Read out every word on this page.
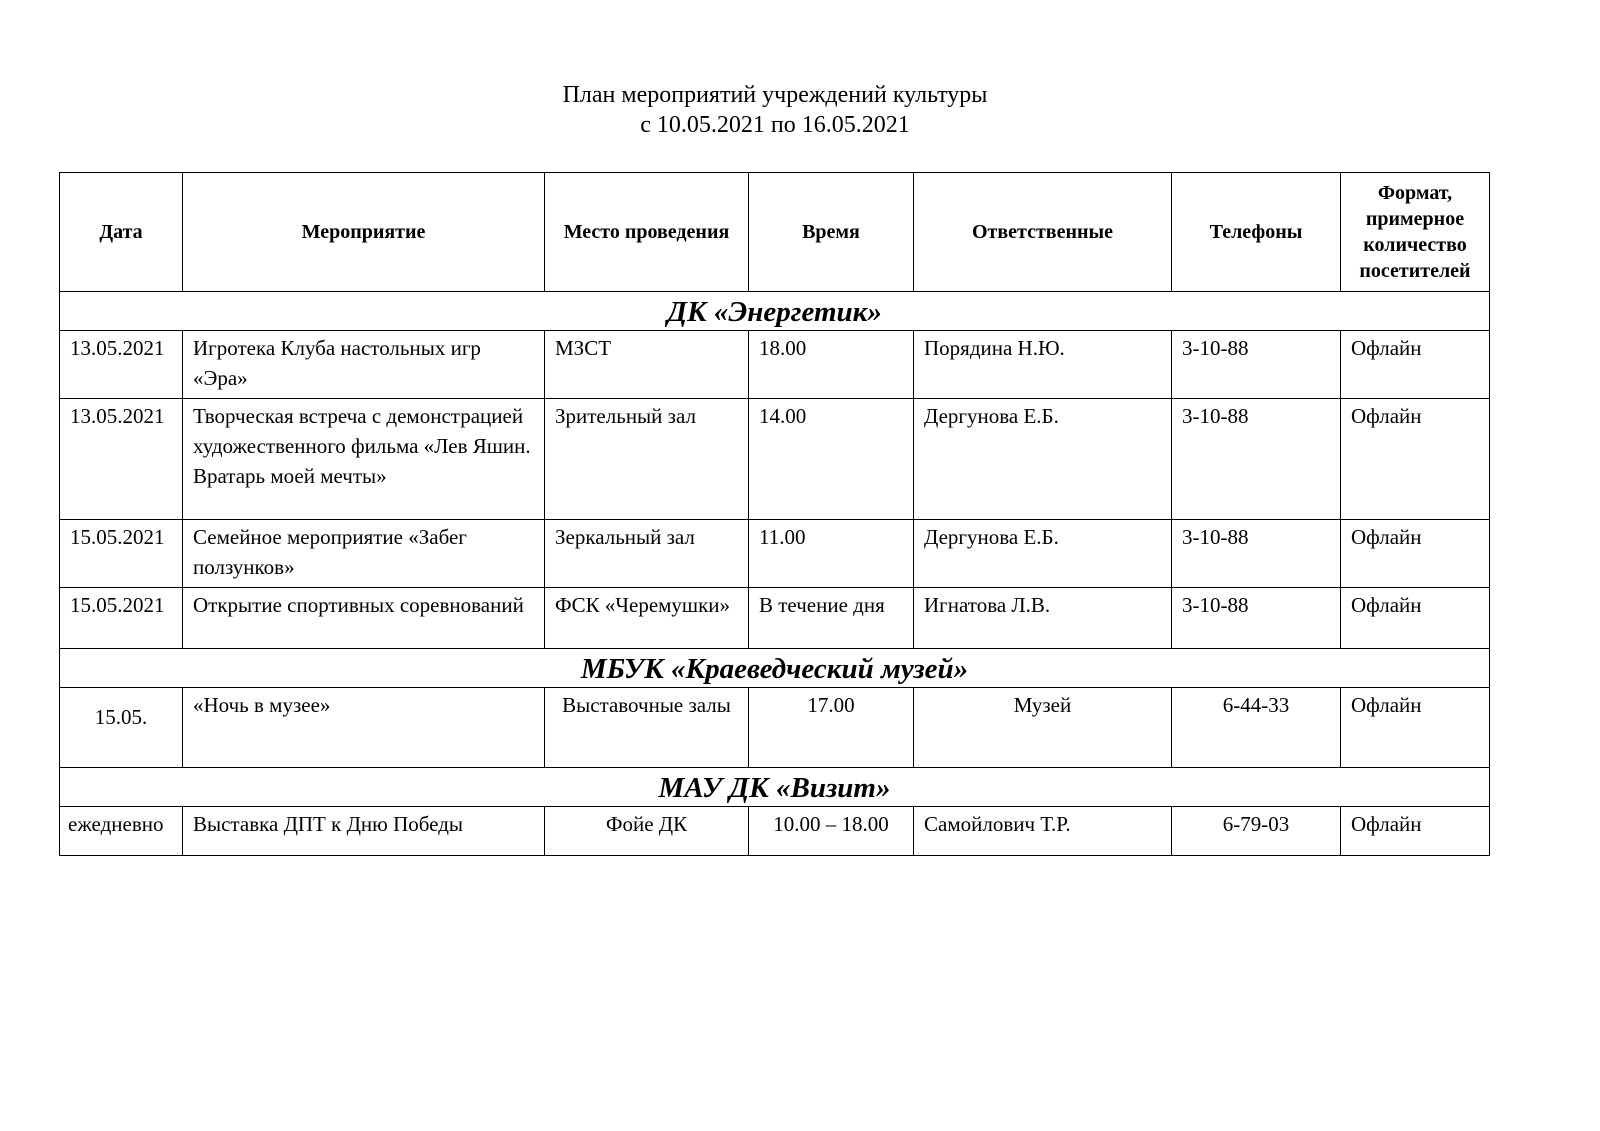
План мероприятий учреждений культуры
с 10.05.2021 по 16.05.2021
Дата	Мероприятие	Место проведения	Время	Ответственные	Телефоны	Формат, примерное количество посетителей
ДК «Энергетик»						
13.05.2021	Игротека Клуба настольных игр «Эра»	МЗСТ	18.00	Порядина Н.Ю.	3-10-88	Офлайн
13.05.2021	Творческая встреча с демонстрацией художественного фильма «Лев Яшин. Вратарь моей мечты»	Зрительный зал	14.00	Дергунова Е.Б.	3-10-88	Офлайн
15.05.2021	Семейное мероприятие «Забег ползунков»	Зеркальный зал	11.00	Дергунова Е.Б.	3-10-88	Офлайн
15.05.2021	Открытие спортивных соревнований	ФСК «Черемушки»	В течение дня	Игнатова Л.В.	3-10-88	Офлайн
МБУК «Краеведческий музей»						
15.05.	«Ночь в музее»	Выставочные залы	17.00	Музей	6-44-33	Офлайн
МАУ ДК «Визит»						
ежедневно	Выставка ДПТ к Дню Победы	Фойе ДК	10.00 – 18.00	Самойлович Т.Р.	6-79-03	Офлайн
